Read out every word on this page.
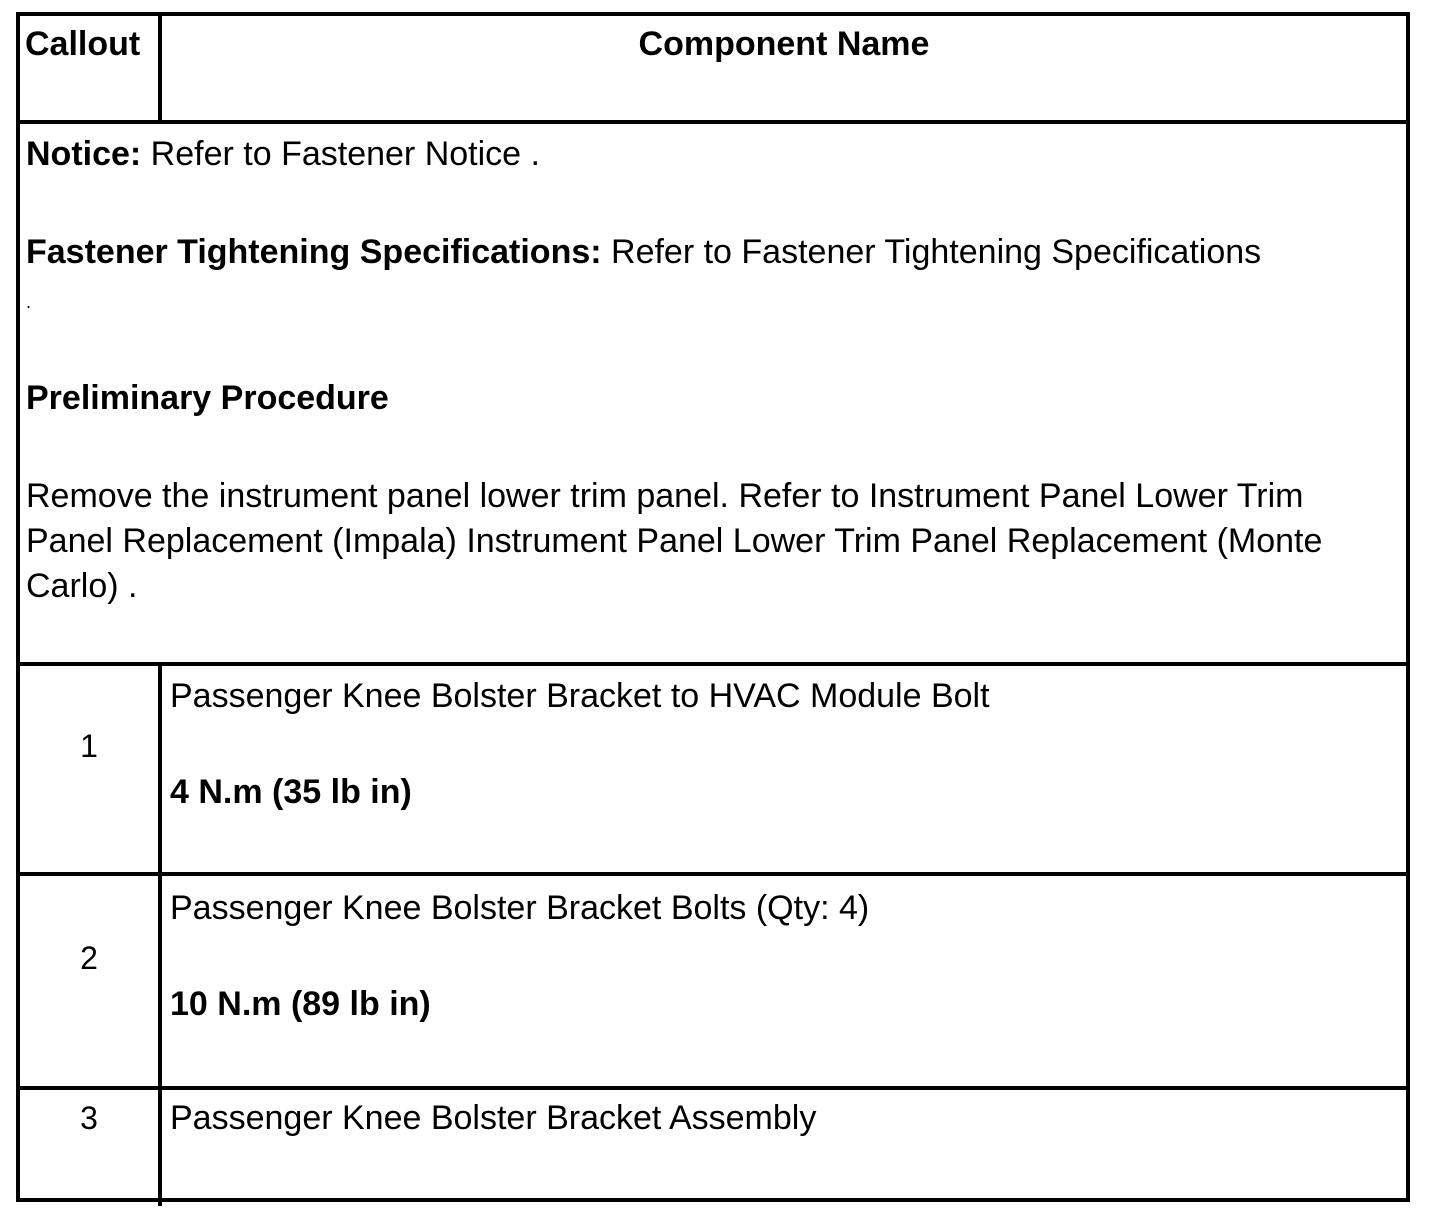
Callout	Component Name
Notice: Refer to Fastener Notice .
Fastener Tightening Specifications: Refer to Fastener Tightening Specifications
.
Preliminary Procedure
Remove the instrument panel lower trim panel. Refer to Instrument Panel Lower Trim Panel Replacement (Impala) Instrument Panel Lower Trim Panel Replacement (Monte Carlo) .
1
Passenger Knee Bolster Bracket to HVAC Module Bolt
4 N.m (35 lb in)
2
Passenger Knee Bolster Bracket Bolts (Qty: 4)
10 N.m (89 lb in)
3	Passenger Knee Bolster Bracket Assembly
